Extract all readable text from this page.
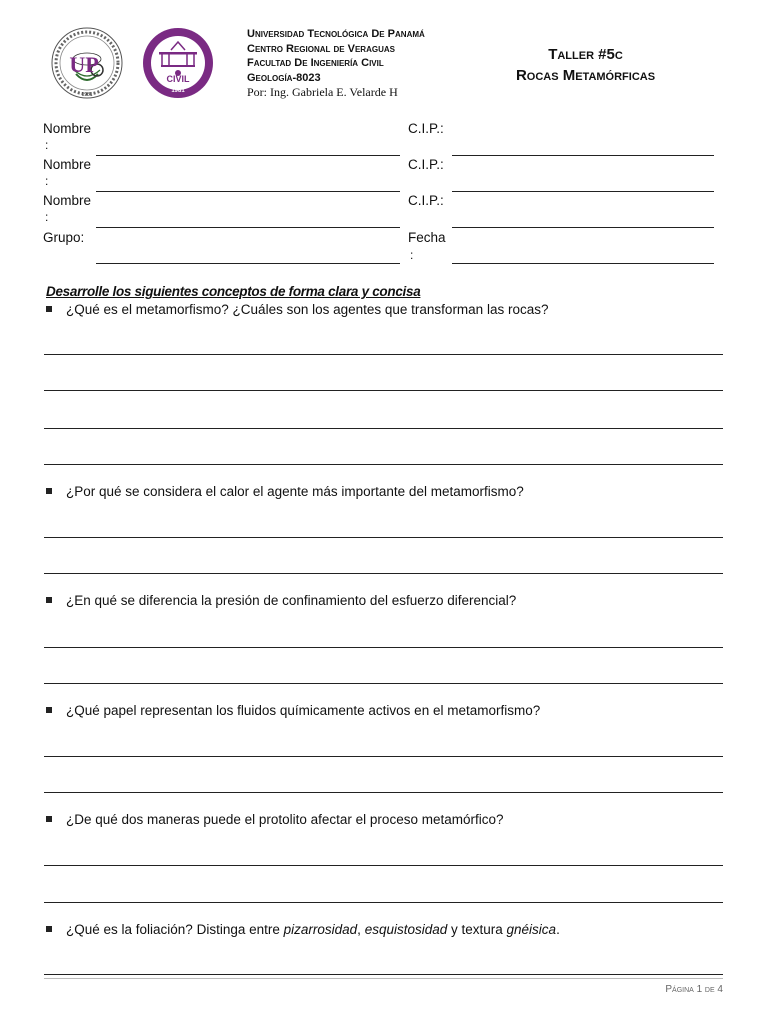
UP
1981
CIVIL
1981
Universidad Tecnológica De Panamá
Centro Regional de Veraguas
Facultad De Ingeniería Civil
Geología-8023
Por: Ing. Gabriela E. Velarde H
Taller #5c
Rocas Metamórficas
Nombre
:
C.I.P.:
Nombre
:
C.I.P.:
Nombre
:
C.I.P.:
Grupo:	Fecha
:
Desarrolle los siguientes conceptos de forma clara y concisa
¿Qué es el metamorfismo? ¿Cuáles son los agentes que transforman las rocas?
¿Por qué se considera el calor el agente más importante del metamorfismo?
¿En qué se diferencia la presión de confinamiento del esfuerzo diferencial?
¿Qué papel representan los fluidos químicamente activos en el metamorfismo?
¿De qué dos maneras puede el protolito afectar el proceso metamórfico?
¿Qué es la foliación? Distinga entre pizarrosidad, esquistosidad y textura gnéisica.
Página 1 de 4
